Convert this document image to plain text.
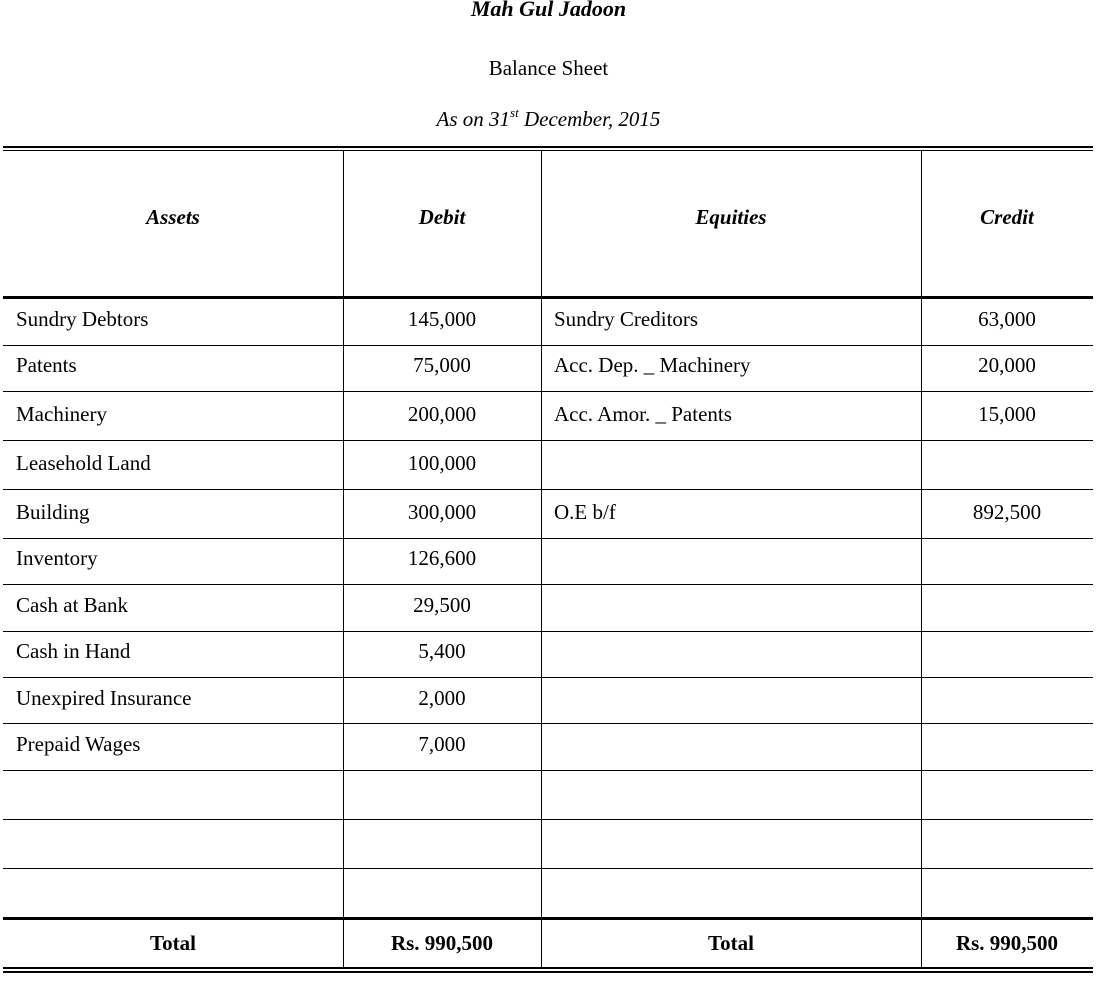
Mah Gul Jadoon
Balance Sheet
As on 31st December, 2015
Assets	Debit	Equities	Credit
Sundry Debtors	145,000	Sundry Creditors	63,000
Patents	75,000	Acc. Dep. _ Machinery	20,000
Machinery	200,000	Acc. Amor. _ Patents	15,000
Leasehold Land	100,000
Building	300,000	O.E b/f	892,500
Inventory	126,600
Cash at Bank	29,500
Cash in Hand	5,400
Unexpired Insurance	2,000
Prepaid Wages	7,000
Total	Rs. 990,500	Total	Rs. 990,500
